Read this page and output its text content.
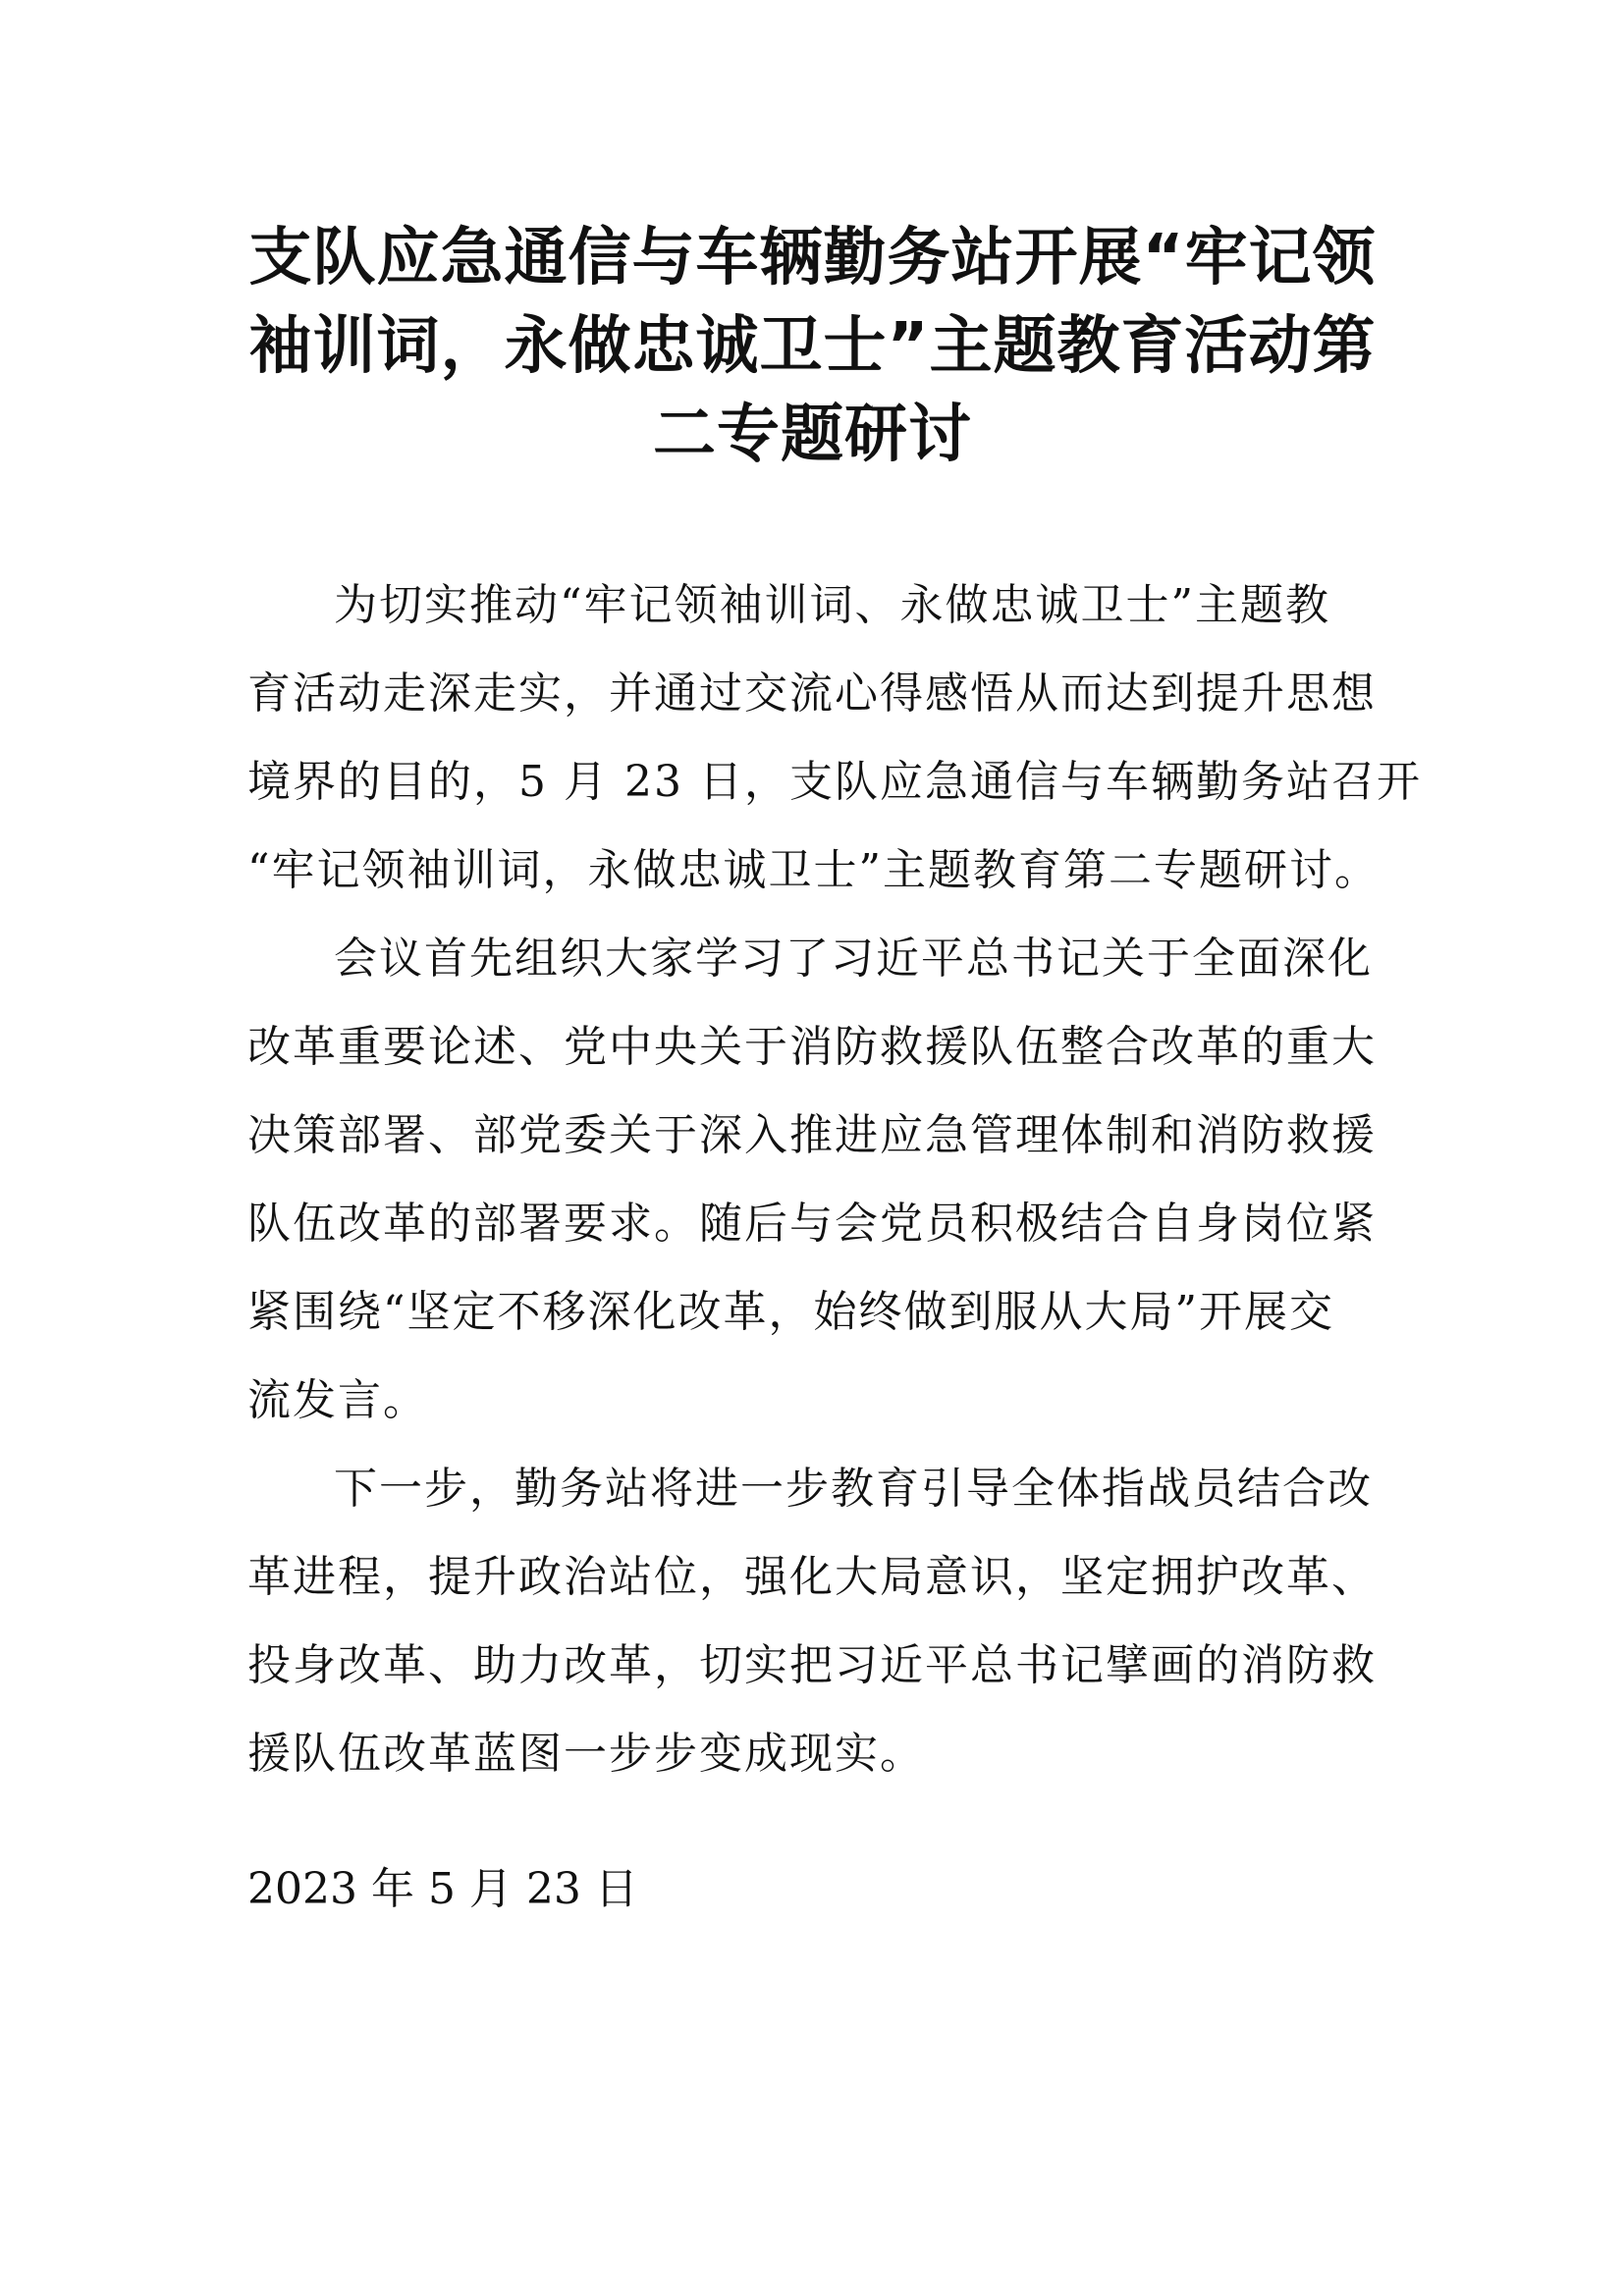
支队应急通信与车辆勤务站开展“牢记领
袖训词，永做忠诚卫士”主题教育活动第
二专题研讨

为切实推动“牢记领袖训词、永做忠诚卫士”主题教
育活动走深走实，并通过交流心得感悟从而达到提升思想
境界的目的，5 月 23 日，支队应急通信与车辆勤务站召开
“牢记领袖训词，永做忠诚卫士”主题教育第二专题研讨。

会议首先组织大家学习了习近平总书记关于全面深化
改革重要论述、党中央关于消防救援队伍整合改革的重大
决策部署、部党委关于深入推进应急管理体制和消防救援
队伍改革的部署要求。随后与会党员积极结合自身岗位紧
紧围绕“坚定不移深化改革，始终做到服从大局”开展交
流发言。

下一步，勤务站将进一步教育引导全体指战员结合改
革进程，提升政治站位，强化大局意识，坚定拥护改革、
投身改革、助力改革，切实把习近平总书记擘画的消防救
援队伍改革蓝图一步步变成现实。

2023 年 5 月 23 日
